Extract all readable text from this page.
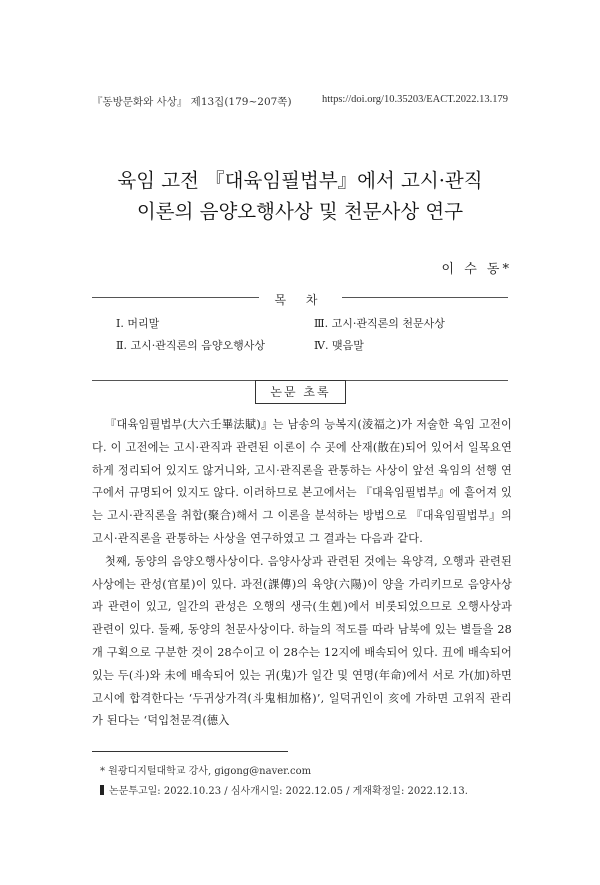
『동방문화와 사상』 제13집(179~207쪽)	https://doi.org/10.35203/EACT.2022.13.179
육임 고전 『대육임필법부』에서 고시·관직
이론의 음양오행사상 및 천문사상 연구
이 수 동*
목 차
Ⅰ. 머리말
Ⅱ. 고시·관직론의 음양오행사상
Ⅲ. 고시·관직론의 천문사상
Ⅳ. 맺음말
논문 초록

『대육임필법부(大六壬畢法賦)』는 남송의 능복지(淩福之)가 저술한 육임 고전이다. 이 고전에는 고시·관직과 관련된 이론이 수 곳에 산재(散在)되어 있어서 일목요연하게 정리되어 있지도 않거니와, 고시·관직론을 관통하는 사상이 앞선 육임의 선행 연구에서 규명되어 있지도 않다. 이러하므로 본고에서는 『대육임필법부』에 흩어져 있는 고시·관직론을 취합(聚合)해서 그 이론을 분석하는 방법으로 『대육임필법부』의 고시·관직론을 관통하는 사상을 연구하였고 그 결과는 다음과 같다.

첫째, 동양의 음양오행사상이다. 음양사상과 관련된 것에는 육양격, 오행과 관련된 사상에는 관성(官星)이 있다. 과전(課傳)의 육양(六陽)이 양을 가리키므로 음양사상과 관련이 있고, 일간의 관성은 오행의 생극(生剋)에서 비롯되었으므로 오행사상과 관련이 있다. 둘째, 동양의 천문사상이다. 하늘의 적도를 따라 남북에 있는 별들을 28개 구획으로 구분한 것이 28수이고 이 28수는 12지에 배속되어 있다. 丑에 배속되어 있는 두(斗)와 未에 배속되어 있는 귀(鬼)가 일간 및 연명(年命)에서 서로 가(加)하면 고시에 합격한다는 ‘두귀상가격(斗鬼相加格)’, 일덕귀인이 亥에 가하면 고위직 관리가 된다는 ‘덕입천문격(德入

* 원광디지털대학교 강사, gigong@naver.com
논문투고일: 2022.10.23 / 심사개시일: 2022.12.05 / 게재확정일: 2022.12.13.
